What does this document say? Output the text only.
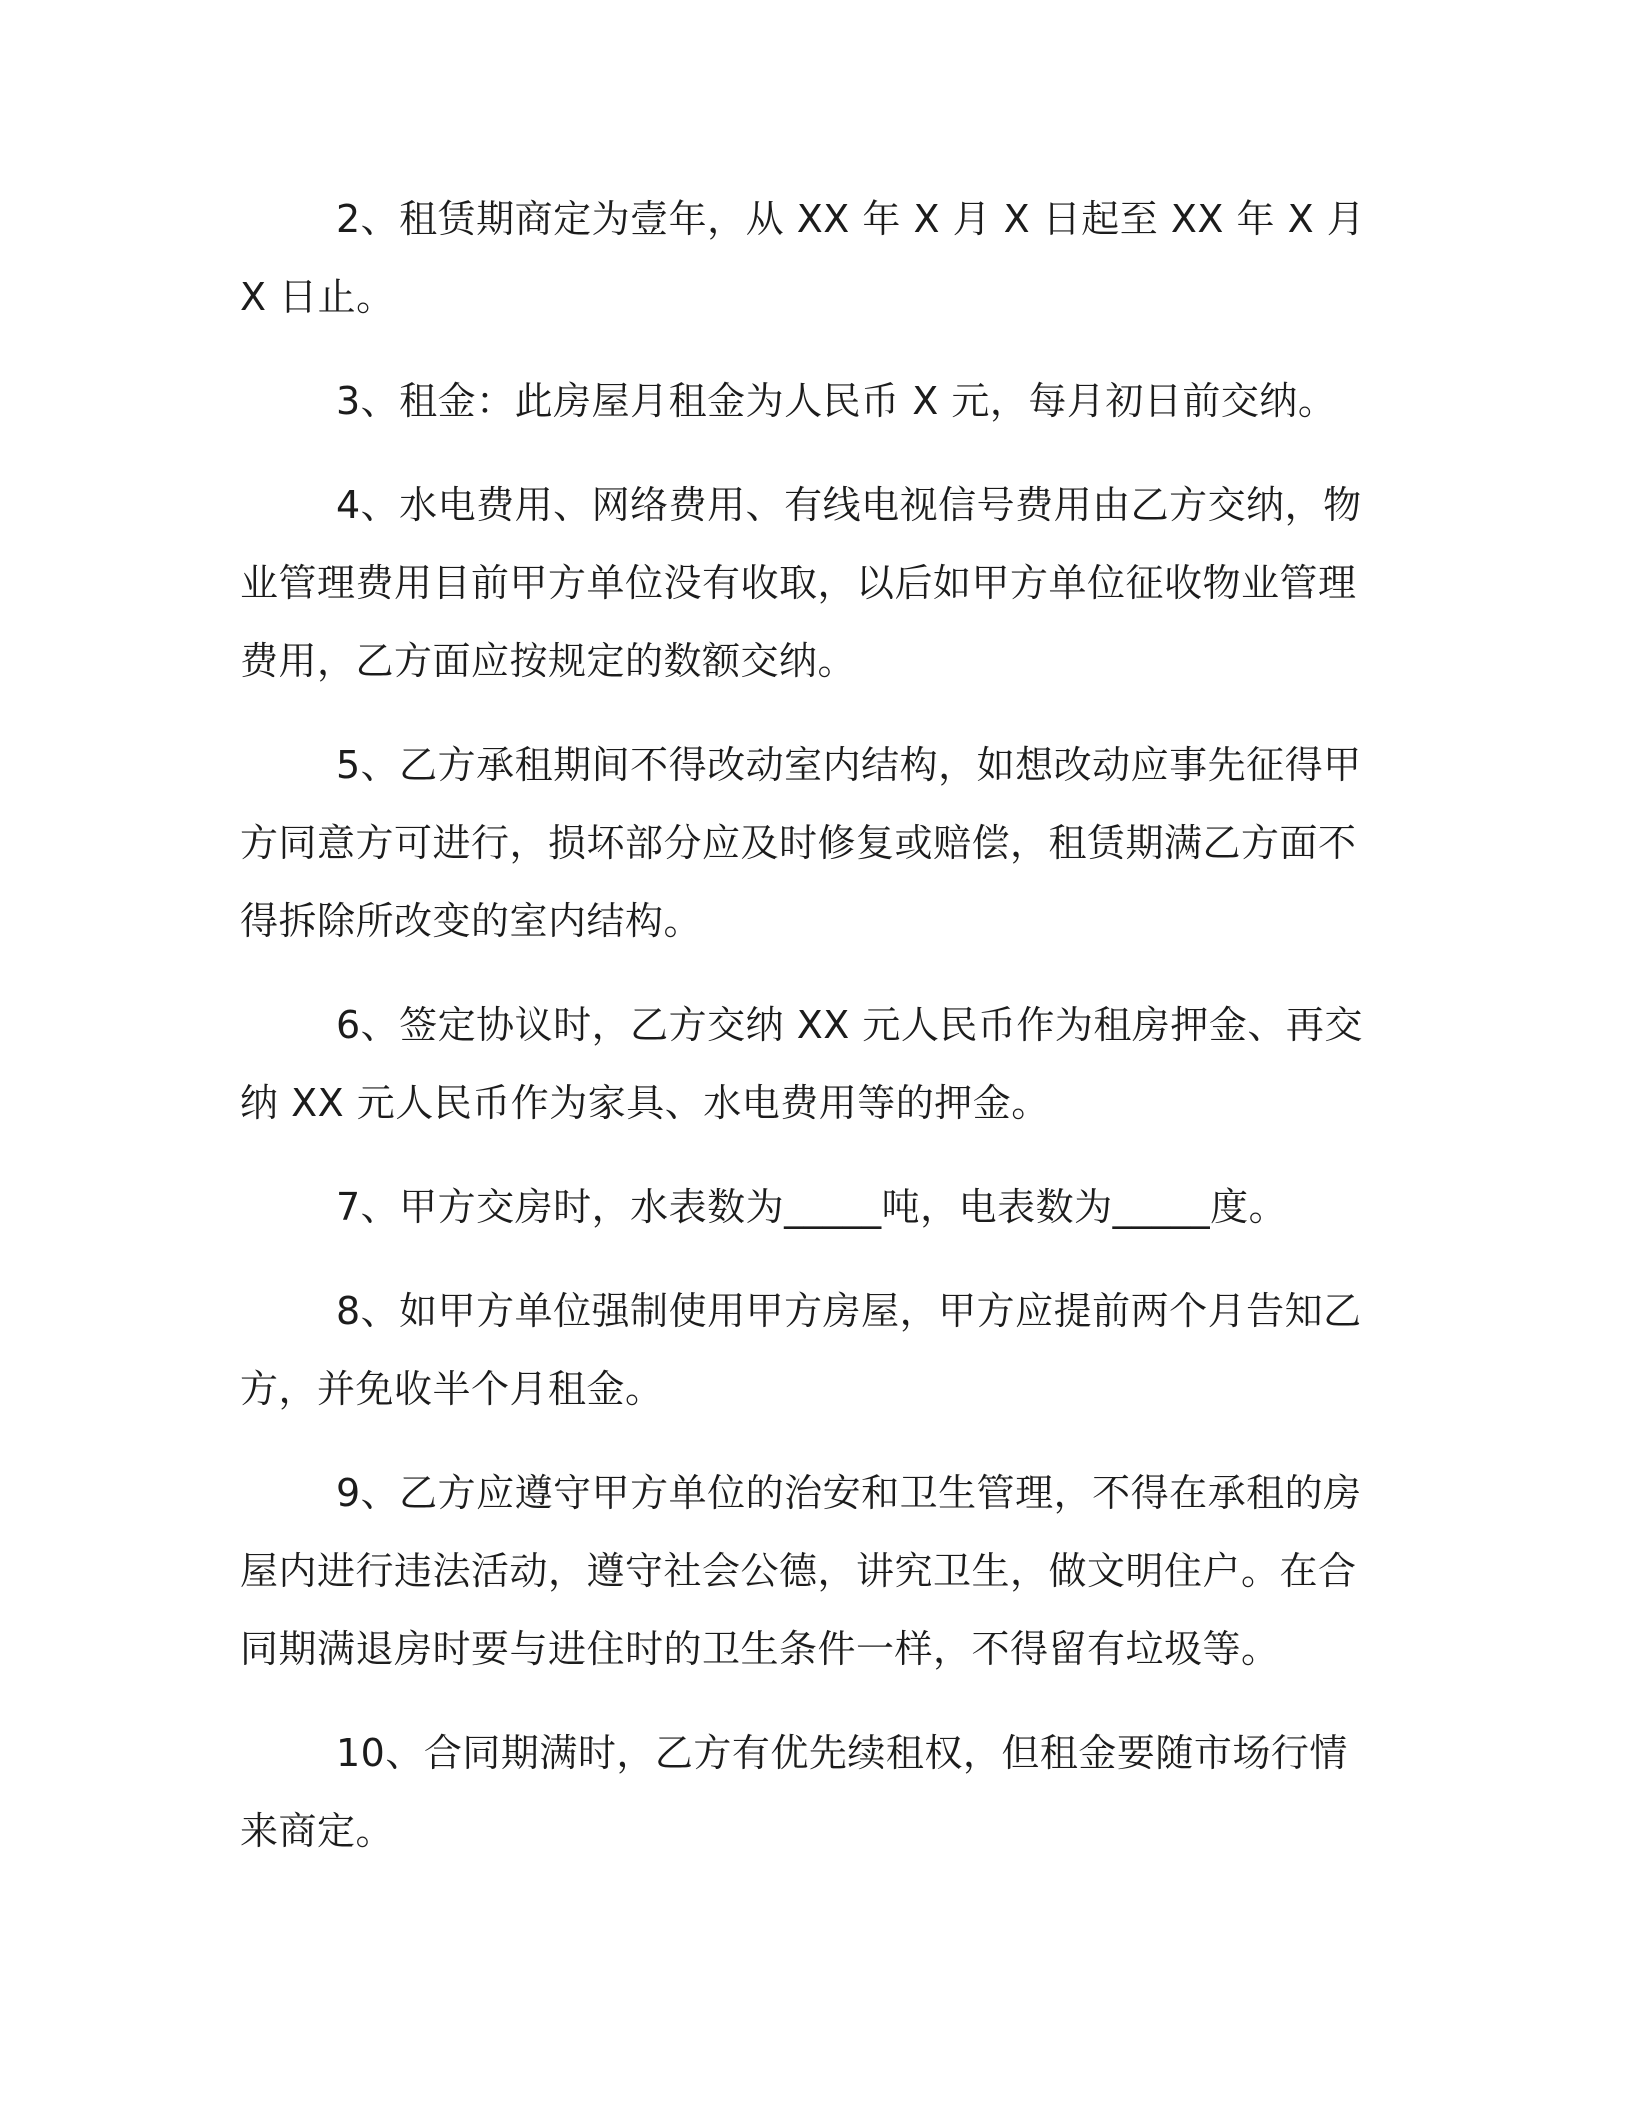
2、租赁期商定为壹年，从 XX 年 X 月 X 日起至 XX 年 X 月 X 日止。

3、租金：此房屋月租金为人民币 X 元，每月初日前交纳。

4、水电费用、网络费用、有线电视信号费用由乙方交纳，物业管理费用目前甲方单位没有收取，以后如甲方单位征收物业管理费用，乙方面应按规定的数额交纳。

5、乙方承租期间不得改动室内结构，如想改动应事先征得甲方同意方可进行，损坏部分应及时修复或赔偿，租赁期满乙方面不得拆除所改变的室内结构。

6、签定协议时，乙方交纳 XX 元人民币作为租房押金、再交纳 XX 元人民币作为家具、水电费用等的押金。

7、甲方交房时，水表数为_____吨，电表数为_____度。

8、如甲方单位强制使用甲方房屋，甲方应提前两个月告知乙方，并免收半个月租金。

9、乙方应遵守甲方单位的治安和卫生管理，不得在承租的房屋内进行违法活动，遵守社会公德，讲究卫生，做文明住户。在合同期满退房时要与进住时的卫生条件一样，不得留有垃圾等。

10、合同期满时，乙方有优先续租权，但租金要随市场行情来商定。
